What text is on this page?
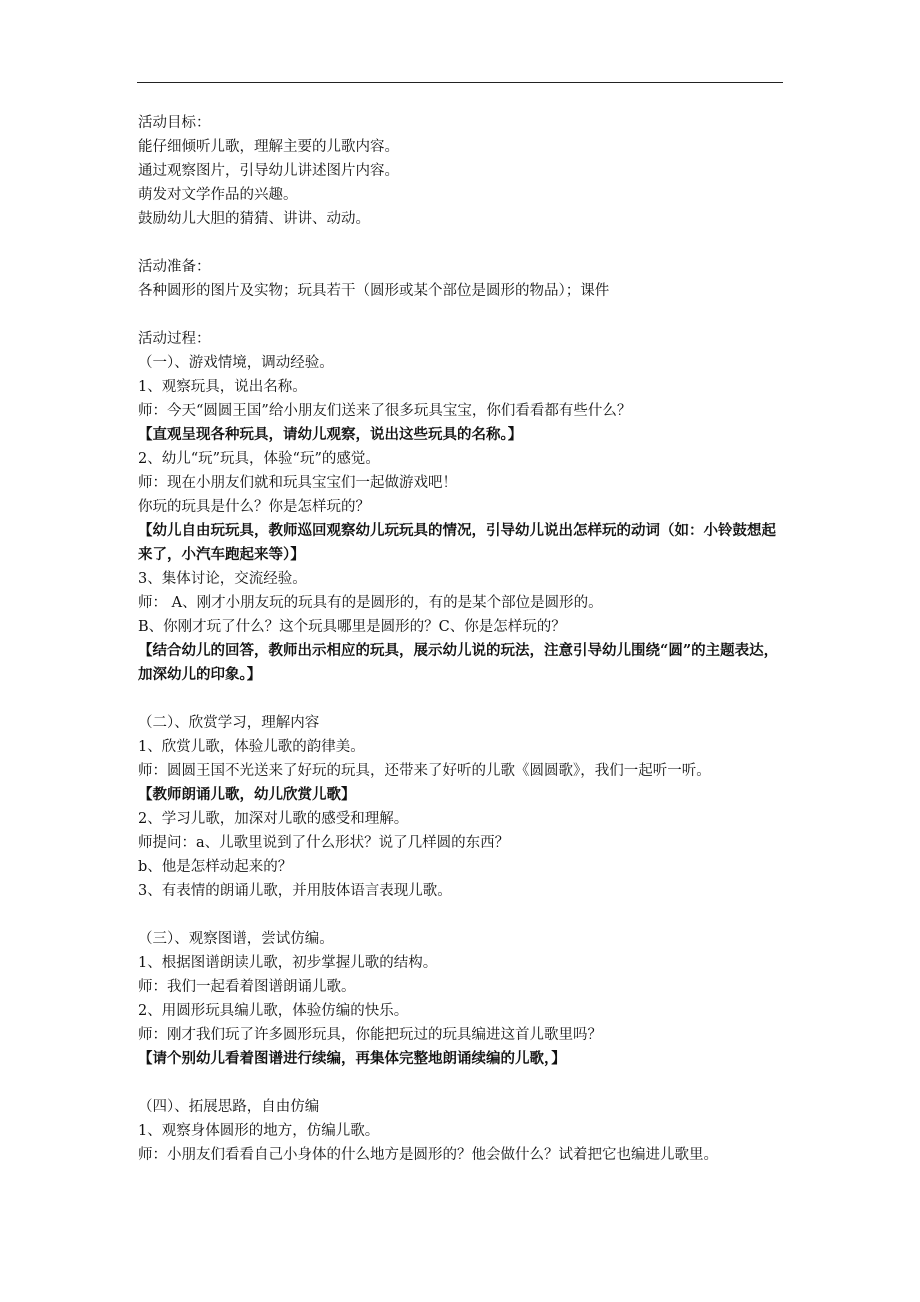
活动目标：
能仔细倾听儿歌，理解主要的儿歌内容。
通过观察图片，引导幼儿讲述图片内容。
萌发对文学作品的兴趣。
鼓励幼儿大胆的猜猜、讲讲、动动。
活动准备：
各种圆形的图片及实物；玩具若干（圆形或某个部位是圆形的物品）；课件
活动过程：
（一）、游戏情境，调动经验。
1、观察玩具，说出名称。
师：今天“圆圆王国”给小朋友们送来了很多玩具宝宝，你们看看都有些什么？
【直观呈现各种玩具，请幼儿观察，说出这些玩具的名称。】
2、幼儿“玩”玩具，体验“玩”的感觉。
师：现在小朋友们就和玩具宝宝们一起做游戏吧！
你玩的玩具是什么？你是怎样玩的？
【幼儿自由玩玩具，教师巡回观察幼儿玩玩具的情况，引导幼儿说出怎样玩的动词（如：小铃鼓想起来了，小汽车跑起来等）】
3、集体讨论，交流经验。
师： A、刚才小朋友玩的玩具有的是圆形的，有的是某个部位是圆形的。
B、你刚才玩了什么？这个玩具哪里是圆形的？C、你是怎样玩的？
【结合幼儿的回答，教师出示相应的玩具，展示幼儿说的玩法，注意引导幼儿围绕“圆”的主题表达，加深幼儿的印象。】
（二）、欣赏学习，理解内容
1、欣赏儿歌，体验儿歌的韵律美。
师：圆圆王国不光送来了好玩的玩具，还带来了好听的儿歌《圆圆歌》，我们一起听一听。
【教师朗诵儿歌，幼儿欣赏儿歌】
2、学习儿歌，加深对儿歌的感受和理解。
师提问：a、儿歌里说到了什么形状？说了几样圆的东西？
b、他是怎样动起来的？
3、有表情的朗诵儿歌，并用肢体语言表现儿歌。
（三）、观察图谱，尝试仿编。
1、根据图谱朗读儿歌，初步掌握儿歌的结构。
师：我们一起看着图谱朗诵儿歌。
2、用圆形玩具编儿歌，体验仿编的快乐。
师：刚才我们玩了许多圆形玩具，你能把玩过的玩具编进这首儿歌里吗？
【请个别幼儿看着图谱进行续编，再集体完整地朗诵续编的儿歌，】
（四）、拓展思路，自由仿编
1、观察身体圆形的地方，仿编儿歌。
师：小朋友们看看自己小身体的什么地方是圆形的？他会做什么？试着把它也编进儿歌里。
